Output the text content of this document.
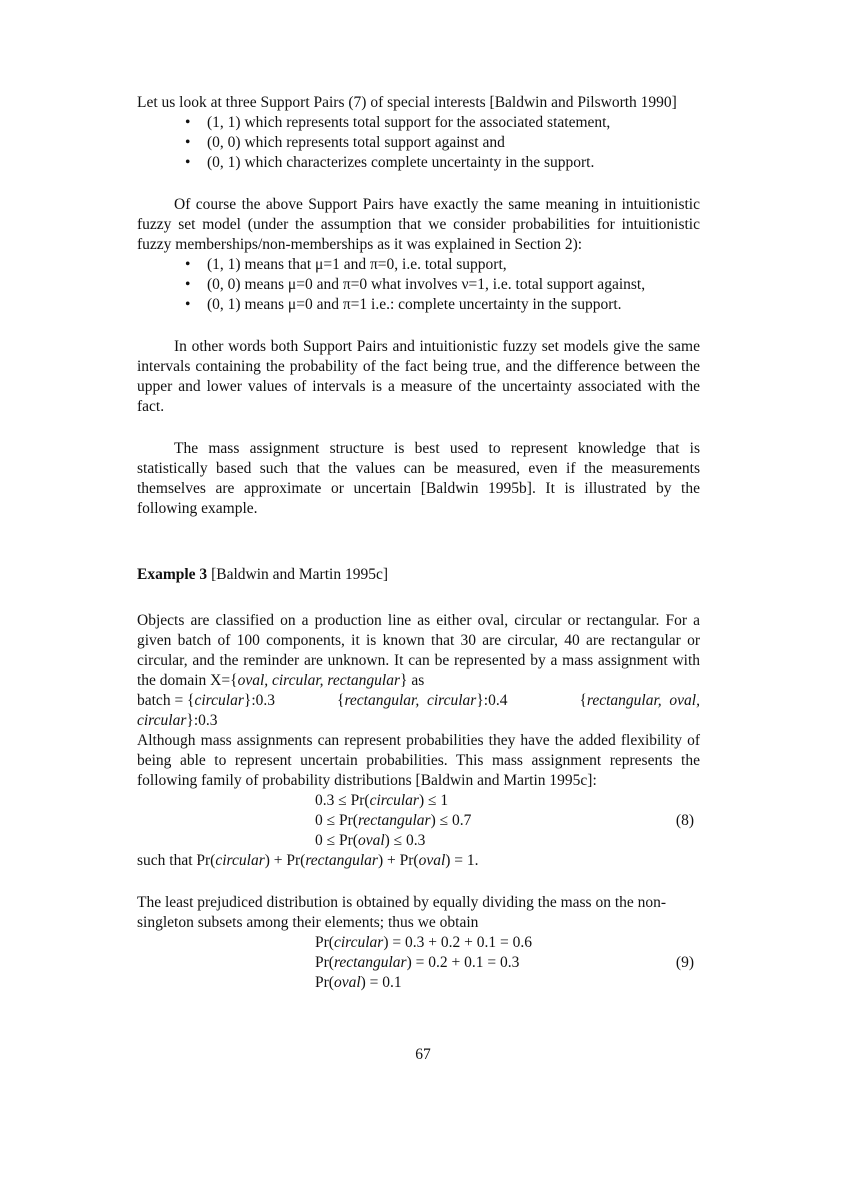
Let us look at three Support Pairs (7) of special interests [Baldwin and Pilsworth 1990]

• (1, 1) which represents total support for the associated statement,
• (0, 0) which represents total support against and
• (0, 1) which characterizes complete uncertainty in the support.

Of course the above Support Pairs have exactly the same meaning in intuitionistic fuzzy set model (under the assumption that we consider probabilities for intuitionistic fuzzy memberships/non-memberships as it was explained in Section 2):

• (1, 1) means that μ=1 and π=0, i.e. total support,
• (0, 0) means μ=0 and π=0 what involves ν=1, i.e. total support against,
• (0, 1) means μ=0 and π=1 i.e.: complete uncertainty in the support.

In other words both Support Pairs and intuitionistic fuzzy set models give the same intervals containing the probability of the fact being true, and the difference between the upper and lower values of intervals is a measure of the uncertainty associated with the fact.

The mass assignment structure is best used to represent knowledge that is statistically based such that the values can be measured, even if the measurements themselves are approximate or uncertain [Baldwin 1995b]. It is illustrated by the following example.

Example 3 [Baldwin and Martin 1995c]

Objects are classified on a production line as either oval, circular or rectangular. For a given batch of 100 components, it is known that 30 are circular, 40 are rectangular or circular, and the reminder are unknown. It can be represented by a mass assignment with the domain X={oval, circular, rectangular} as

batch = {circular}:0.3	{rectangular,  circular}:0.4	{rectangular,  oval,

circular}:0.3

Although mass assignments can represent probabilities they have the added flexibility of being able to represent uncertain probabilities. This mass assignment represents the following family of probability distributions [Baldwin and Martin 1995c]:

0.3 ≤ Pr(circular) ≤ 1

0 ≤ Pr(rectangular) ≤ 0.7

0 ≤ Pr(oval) ≤ 0.3

(8)

such that Pr(circular) + Pr(rectangular) + Pr(oval) = 1.

The least prejudiced distribution is obtained by equally dividing the mass on the non-singleton subsets among their elements; thus we obtain

Pr(circular) = 0.3 + 0.2 + 0.1 = 0.6

Pr(rectangular) = 0.2 + 0.1 = 0.3

Pr(oval) = 0.1

(9)
67
